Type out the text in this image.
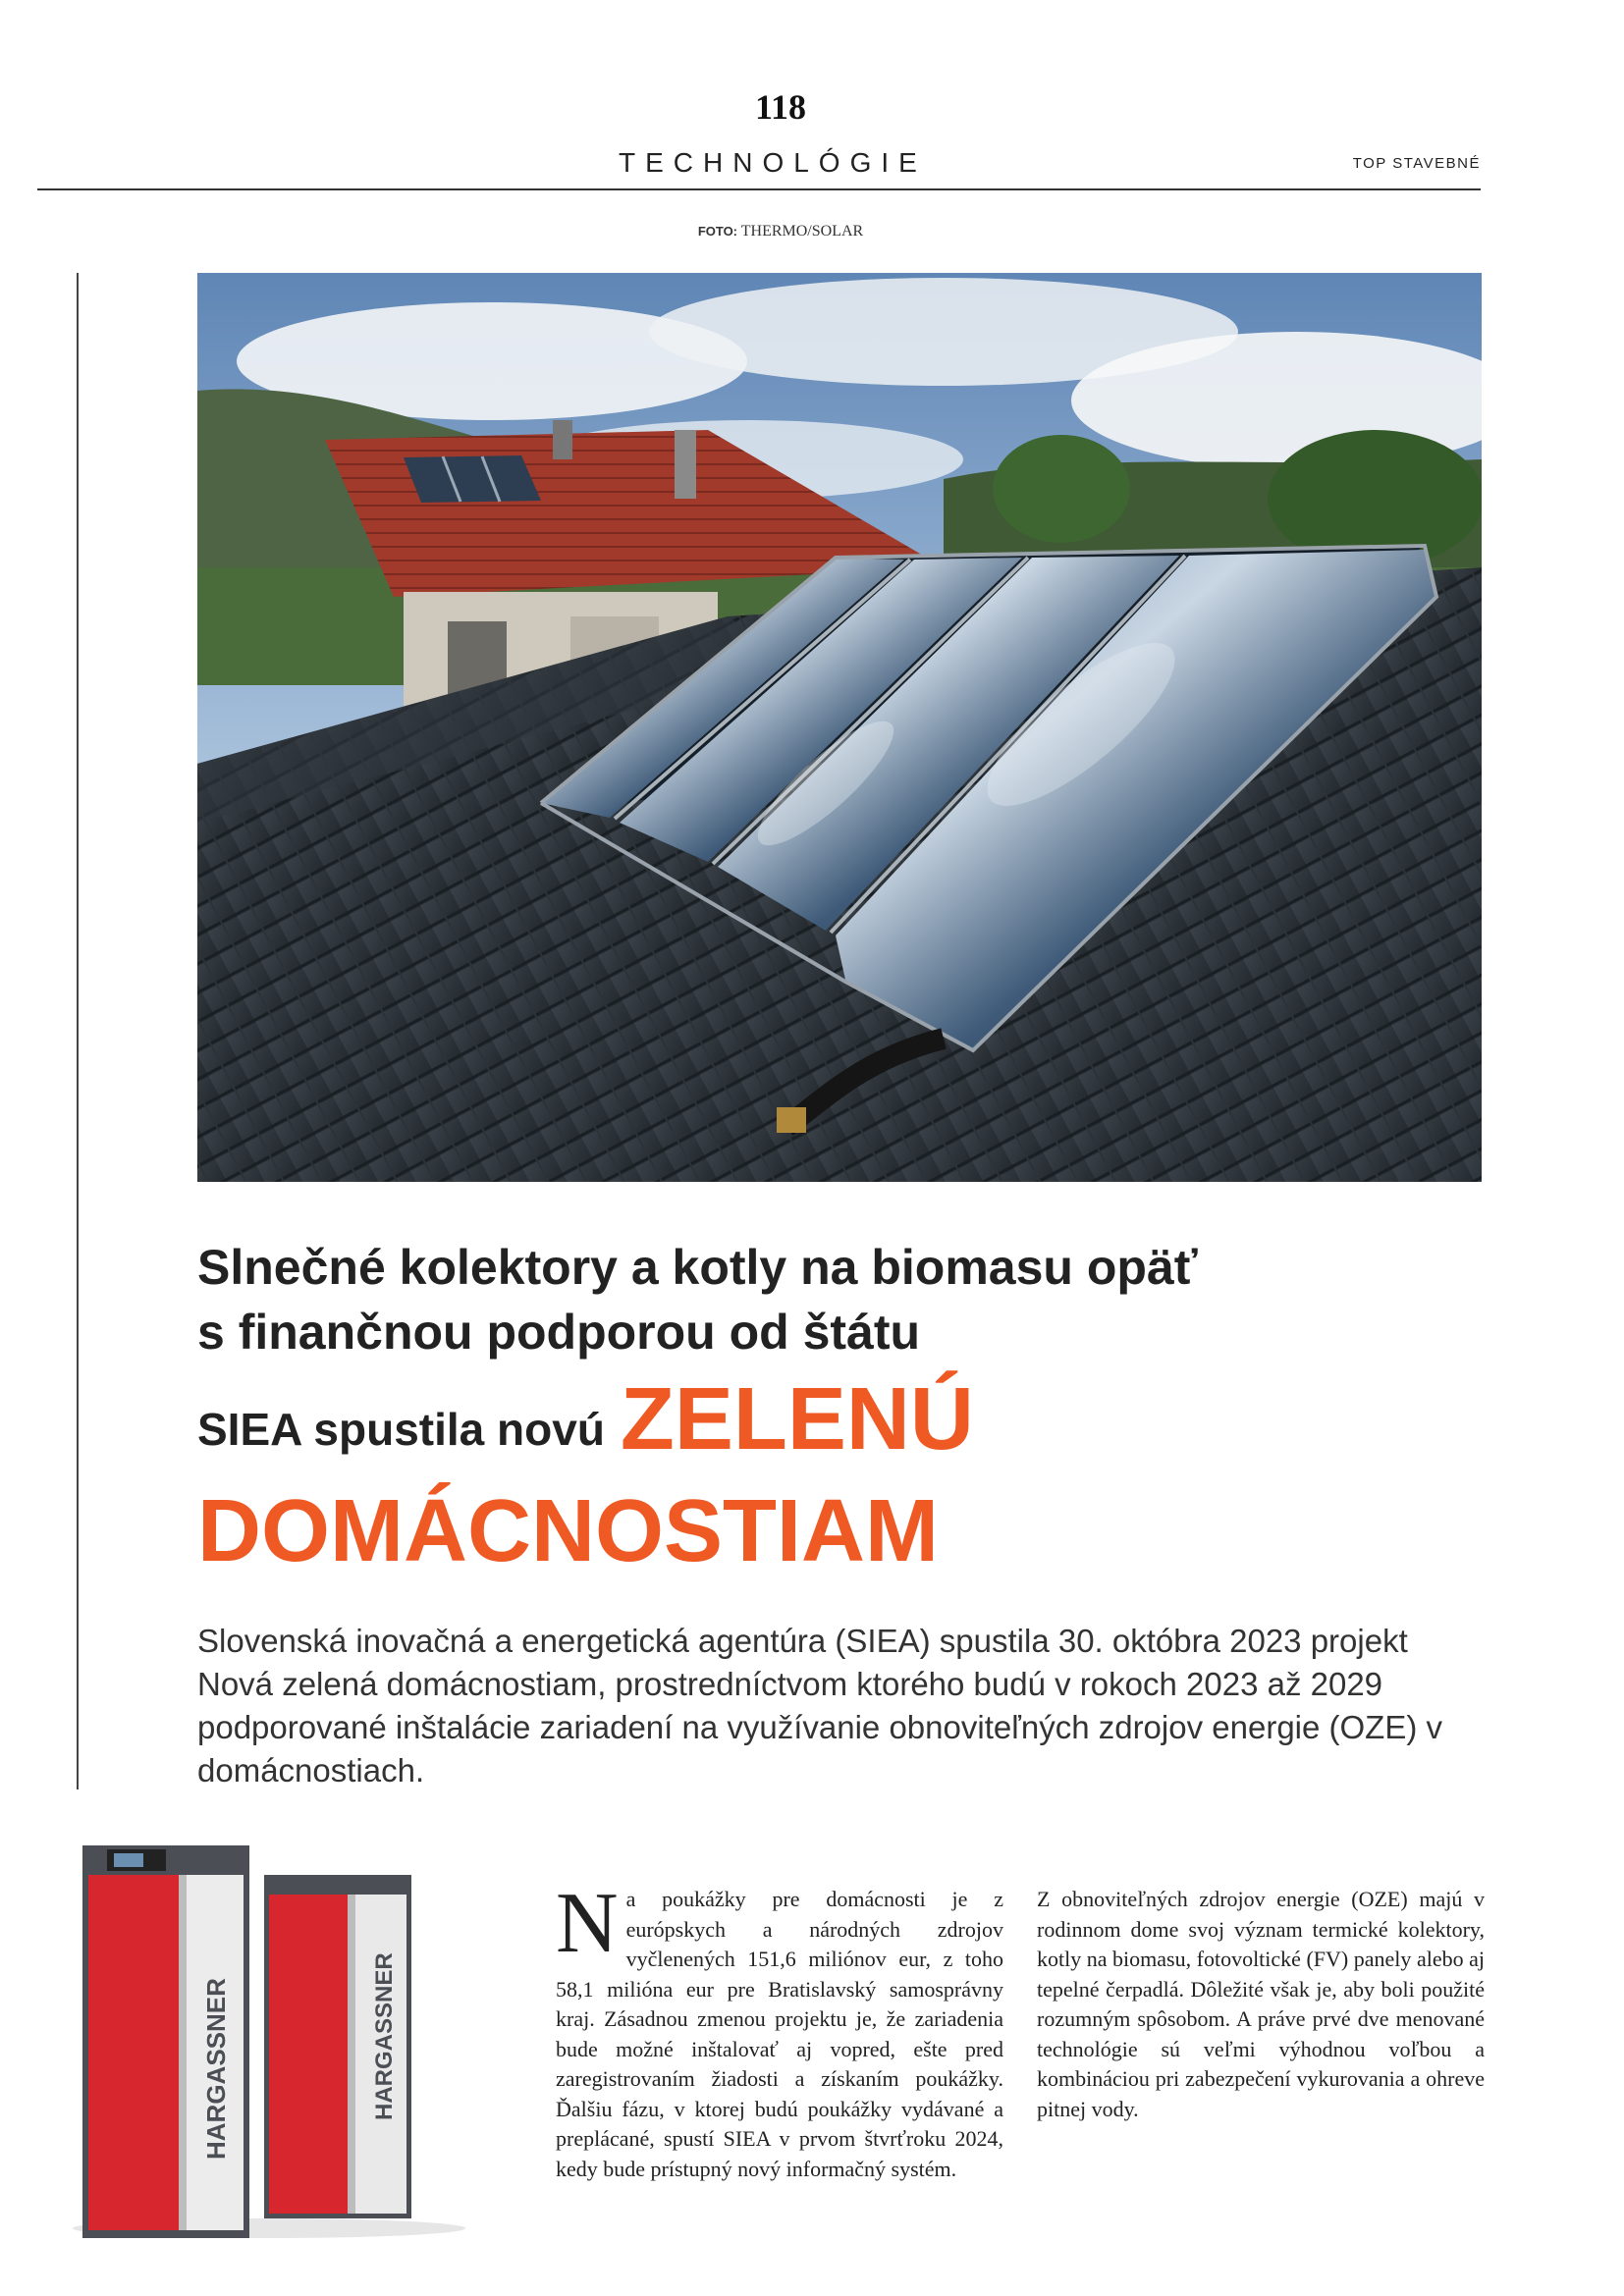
118
TECHNOLÓGIE	TOP STAVEBNÉ
FOTO: THERMO/SOLAR
Slnečné kolektory a kotly na biomasu opäť
s finančnou podporou od štátu
SIEA spustila novú ZELENÚ
DOMÁCNOSTIAM
Slovenská inovačná a energetická agentúra (SIEA) spustila 30. októbra 2023 projekt Nová zelená domácnostiam, prostredníctvom ktorého budú v rokoch 2023 až 2029 podporované inštalácie zariadení na využívanie obnoviteľných zdrojov energie (OZE) v domácnostiach.
HARGASSNER
HARGASSNER
Na poukážky pre domácnosti je z európskych a národných zdrojov vyčlenených 151,6 miliónov eur, z toho 58,1 milióna eur pre Bratislavský samosprávny kraj. Zásadnou zmenou projektu je, že zariadenia bude možné inštalovať aj vopred, ešte pred zaregistrovaním žiadosti a získaním poukážky. Ďalšiu fázu, v ktorej budú poukážky vydávané a preplácané, spustí SIEA v prvom štvrťroku 2024, kedy bude prístupný nový informačný systém.
Z obnoviteľných zdrojov energie (OZE) majú v rodinnom dome svoj význam termické kolektory, kotly na biomasu, fotovoltické (FV) panely alebo aj tepelné čerpadlá. Dôležité však je, aby boli použité rozumným spôsobom. A práve prvé dve menované technológie sú veľmi výhodnou voľbou a kombináciou pri zabezpečení vykurovania a ohreve pitnej vody.
